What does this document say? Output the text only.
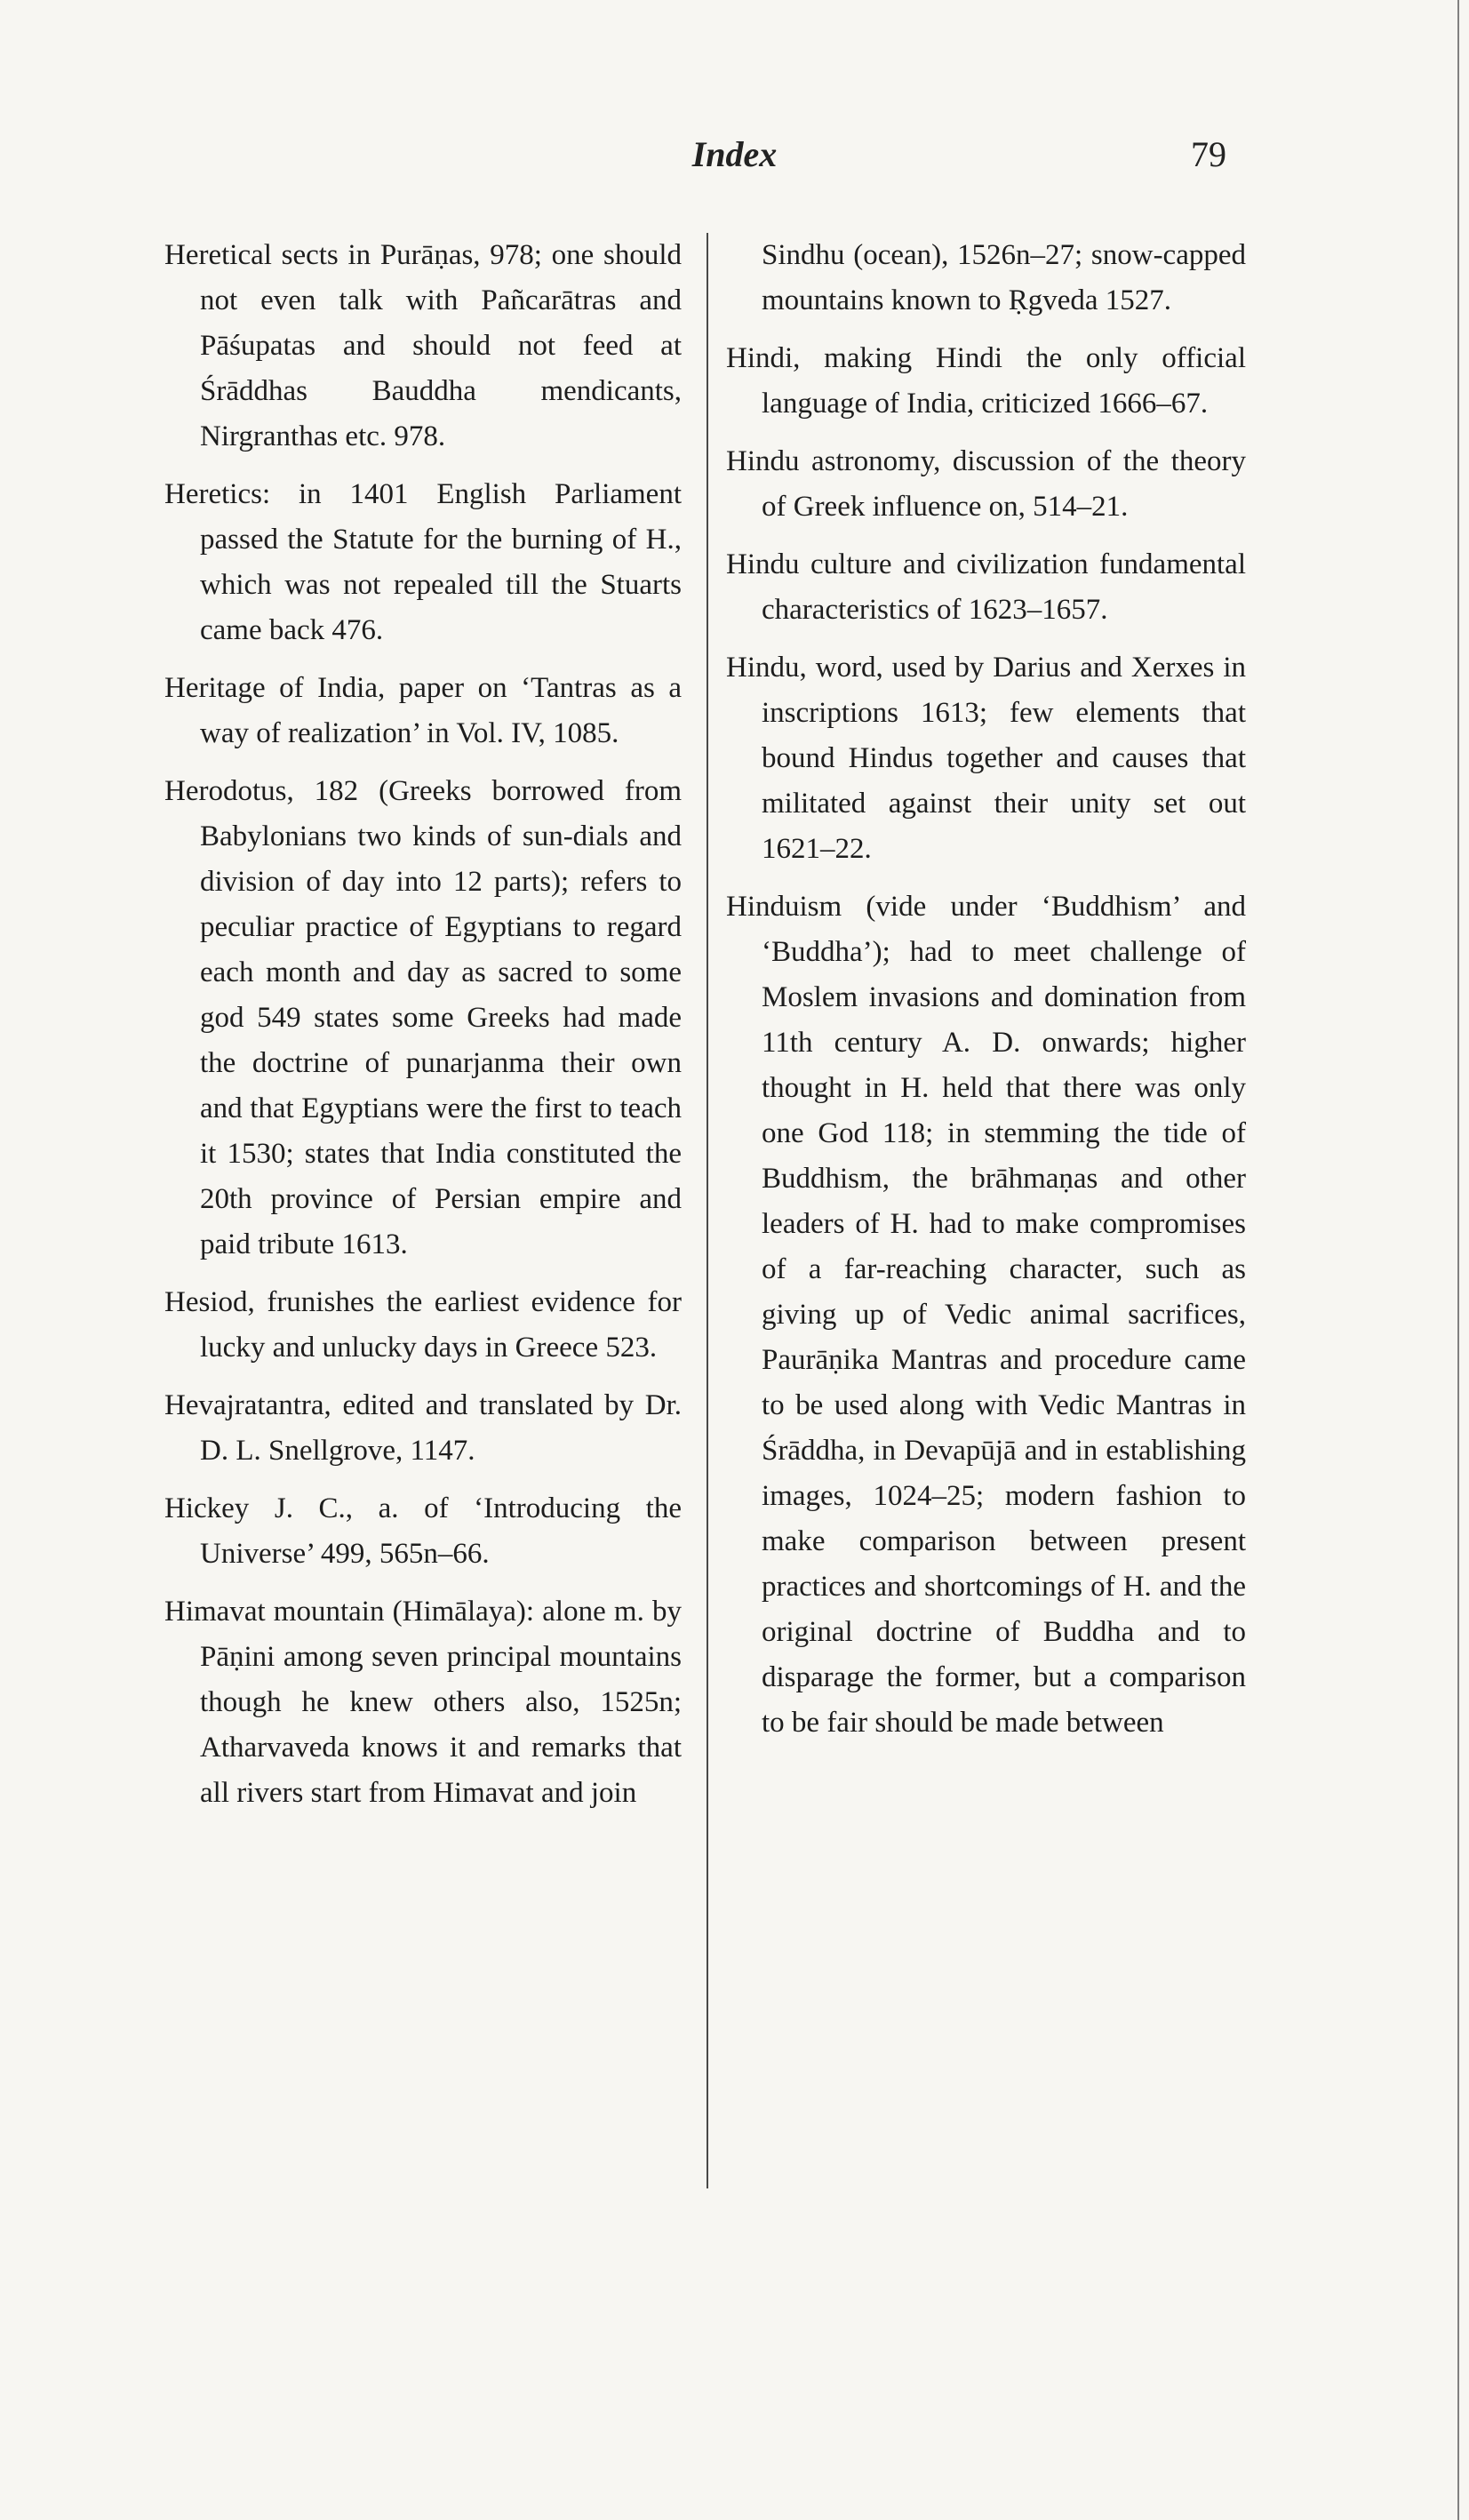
Index	79

Heretical sects in Purāṇas, 978; one should not even talk with Pañcarātras and Pāśupatas and should not feed at Śrāddhas Bauddha mendicants, Nirgranthas etc. 978.

Heretics: in 1401 English Parliament passed the Statute for the burning of H., which was not repealed till the Stuarts came back 476.

Heritage of India, paper on ‘Tantras as a way of realization’ in Vol. IV, 1085.

Herodotus, 182 (Greeks borrowed from Babylonians two kinds of sun-dials and division of day into 12 parts); refers to peculiar practice of Egyptians to regard each month and day as sacred to some god 549 states some Greeks had made the doctrine of punarjanma their own and that Egyptians were the first to teach it 1530; states that India constituted the 20th province of Persian empire and paid tribute 1613.

Hesiod, frunishes the earliest evidence for lucky and unlucky days in Greece 523.

Hevajratantra, edited and translated by Dr. D. L. Snellgrove, 1147.

Hickey J. C., a. of ‘Introducing the Universe’ 499, 565n–66.

Himavat mountain (Himālaya): alone m. by Pāṇini among seven principal mountains though he knew others also, 1525n; Atharvaveda knows it and remarks that all rivers start from Himavat and join

Sindhu (ocean), 1526n–27; snow-capped mountains known to Ṛgveda 1527.

Hindi, making Hindi the only official language of India, criticized 1666–67.

Hindu astronomy, discussion of the theory of Greek influence on, 514–21.

Hindu culture and civilization fundamental characteristics of 1623–1657.

Hindu, word, used by Darius and Xerxes in inscriptions 1613; few elements that bound Hindus together and causes that militated against their unity set out 1621–22.

Hinduism (vide under ‘Buddhism’ and ‘Buddha’); had to meet challenge of Moslem invasions and domination from 11th century A. D. onwards; higher thought in H. held that there was only one God 118; in stemming the tide of Buddhism, the brāhmaṇas and other leaders of H. had to make compromises of a far-reaching character, such as giving up of Vedic animal sacrifices, Paurāṇika Mantras and procedure came to be used along with Vedic Mantras in Śrāddha, in Devapūjā and in establishing images, 1024–25; modern fashion to make comparison between present practices and shortcomings of H. and the original doctrine of Buddha and to disparage the former, but a comparison to be fair should be made between
